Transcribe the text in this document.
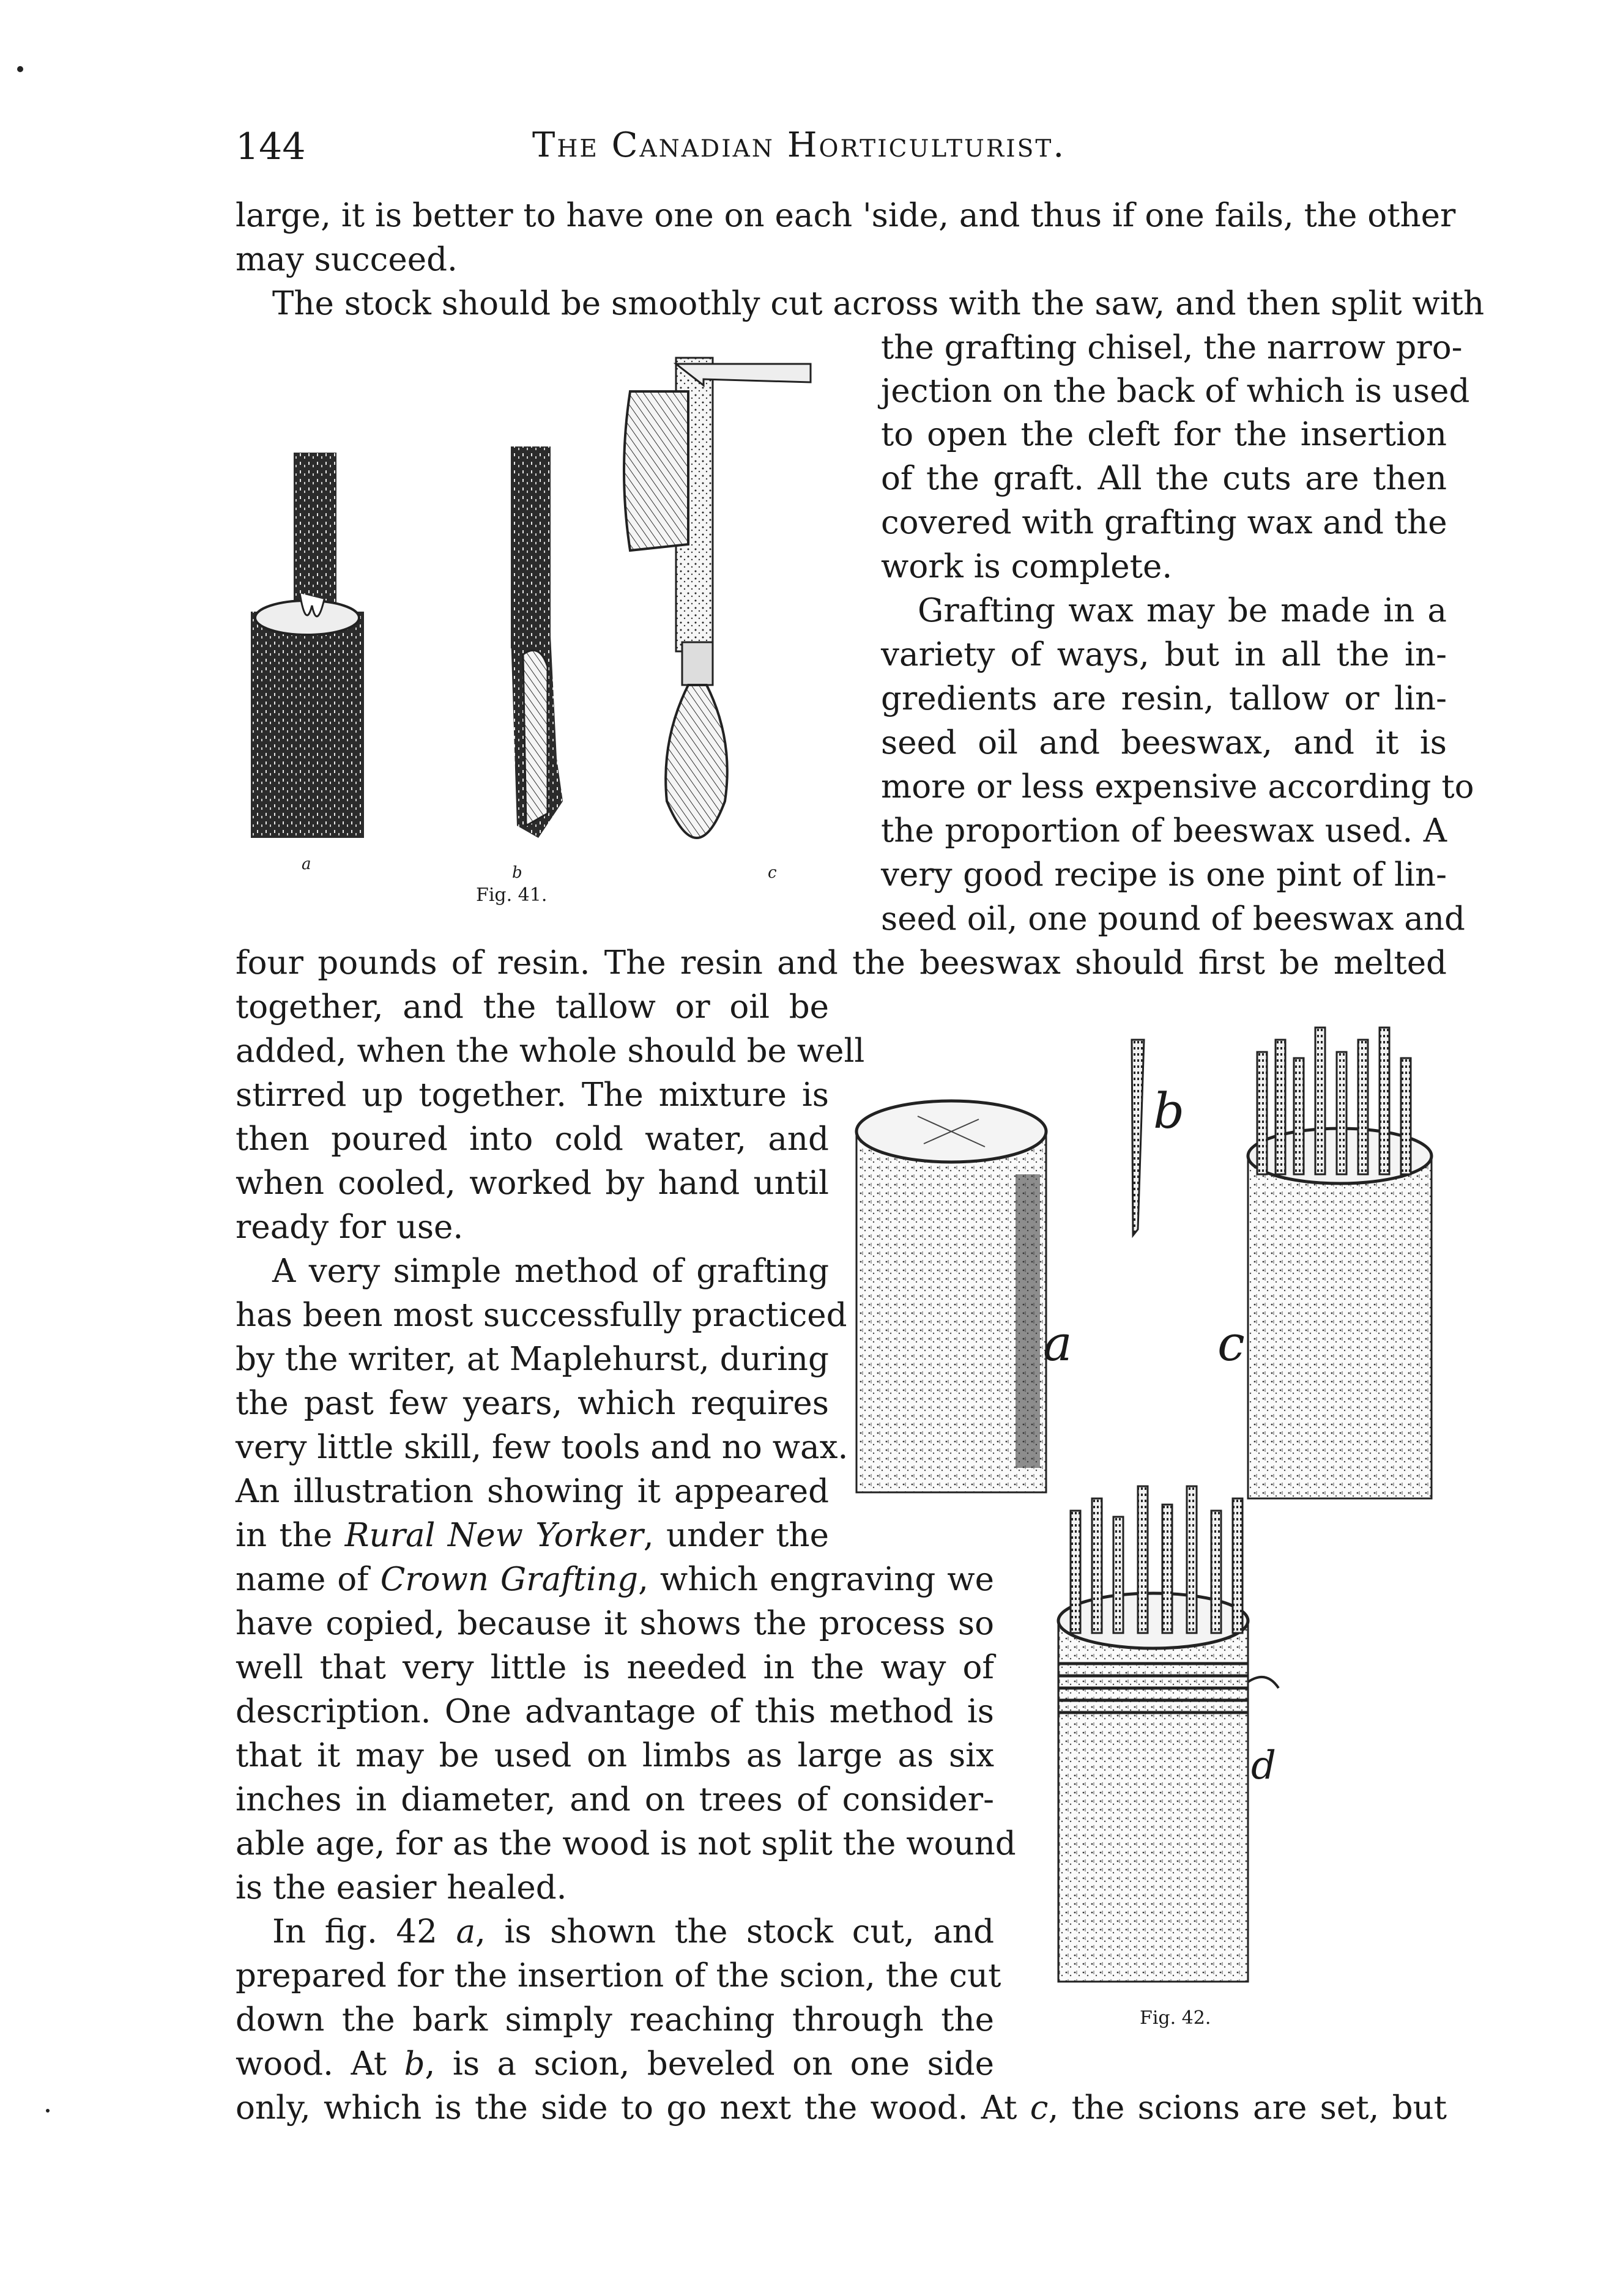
144	The Canadian Horticulturist.
large, it is better to have one on each 'side, and thus if one fails, the other
may succeed.
The stock should be smoothly cut across with the saw, and then split with
the grafting chisel, the narrow pro-
jection on the back of which is used
to open the cleft for the insertion
of the graft. All the cuts are then
covered with grafting wax and the
work is complete.
Grafting wax may be made in a
variety of ways, but in all the in-
gredients are resin, tallow or lin-
seed oil and beeswax, and it is
more or less expensive according to
the proportion of beeswax used. A
very good recipe is one pint of lin-
seed oil, one pound of beeswax and
four pounds of resin. The resin and the beeswax should first be melted
together, and the tallow or oil be
added, when the whole should be well
stirred up together. The mixture is
then poured into cold water, and
when cooled, worked by hand until
ready for use.
A very simple method of grafting
has been most successfully practiced
by the writer, at Maplehurst, during
the past few years, which requires
very little skill, few tools and no wax.
An illustration showing it appeared
in the Rural New Yorker, under the
name of Crown Grafting, which engraving we
have copied, because it shows the process so
well that very little is needed in the way of
description. One advantage of this method is
that it may be used on limbs as large as six
inches in diameter, and on trees of consider-
able age, for as the wood is not split the wound
is the easier healed.
In fig. 42 a, is shown the stock cut, and
prepared for the insertion of the scion, the cut
down the bark simply reaching through the
wood. At b, is a scion, beveled on one side
only, which is the side to go next the wood. At c, the scions are set, but
a	b	c
Fig. 41.
a
b
c
d
Fig. 42.
